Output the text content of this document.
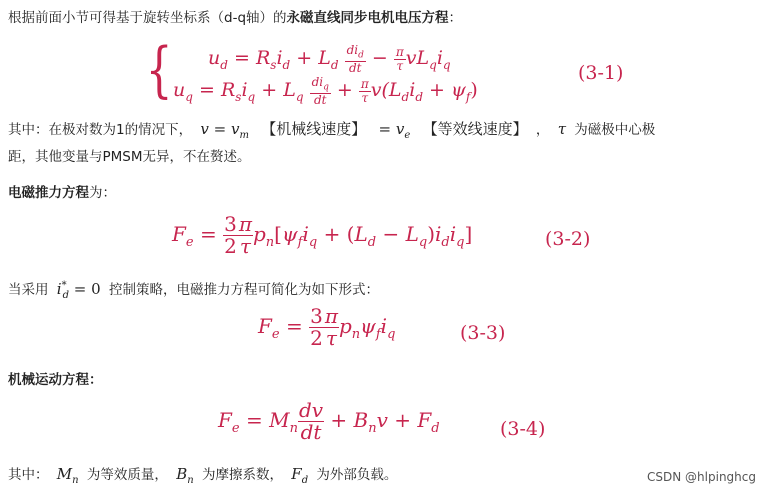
根据前面小节可得基于旋转坐标系（d-q轴）的永磁直线同步电机电压方程：
{ $u_d = R_si_d + L_d \frac{di_d}{dt} - \frac{\pi}{\tau} vL_qi_q$
$u_q = R_si_q + L_q \frac{di_q}{dt} + \frac{\pi}{\tau} v(L_di_d + \psi_f)$
(3-1)
其中：在极对数为1的情况下， $v = v_m$ 【机械线速度】 = $v_e$ 【等效线速度】 ， τ 为磁极中心极
距，其他变量与PMSM无异，不在赘述。
电磁推力方程为：
$F_e = \frac{3}{2} \frac{\pi}{\tau} p_n[\psi_fi_q + (L_d - L_q)i_di_q]$	(3-2)
当采用 $i^*_d = 0$ 控制策略，电磁推力方程可简化为如下形式：
$F_e = \frac{3}{2} \frac{\pi}{\tau} p_n\psi_fi_q$	(3-3)
机械运动方程：
$F_e = M_n \frac{dv}{dt} + B_nv + F_d$	(3-4)
其中： $M_n$ 为等效质量， $B_n$ 为摩擦系数， $F_d$ 为外部负载。	CSDN @hlpinghcg
